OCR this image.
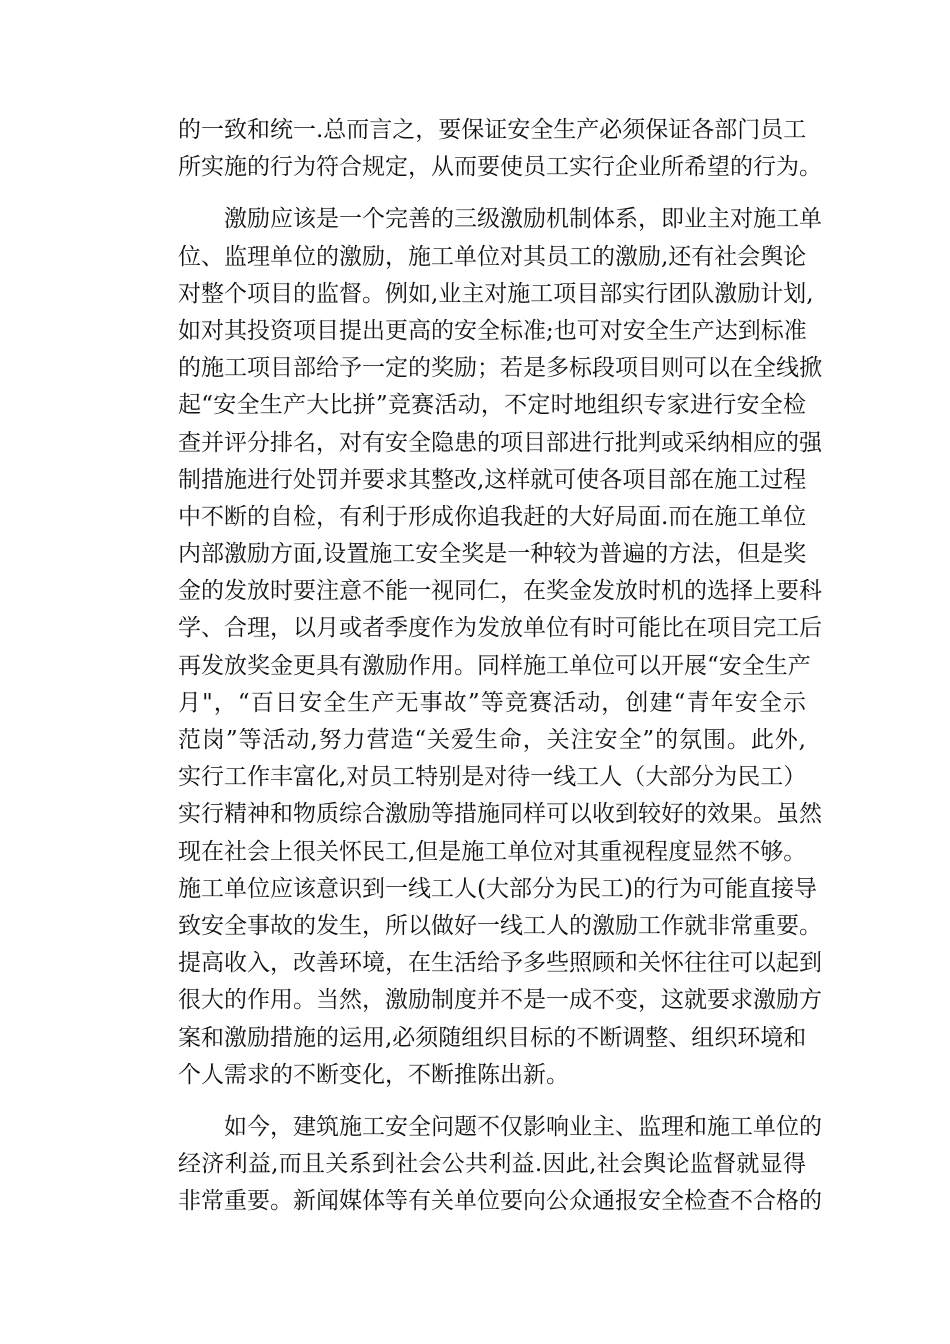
的一致和统一.总而言之，要保证安全生产必须保证各部门员工
所实施的行为符合规定，从而要使员工实行企业所希望的行为。
激励应该是一个完善的三级激励机制体系，即业主对施工单
位、监理单位的激励，施工单位对其员工的激励,还有社会舆论
对整个项目的监督。例如,业主对施工项目部实行团队激励计划,
如对其投资项目提出更高的安全标准;也可对安全生产达到标准
的施工项目部给予一定的奖励；若是多标段项目则可以在全线掀
起“安全生产大比拼”竞赛活动，不定时地组织专家进行安全检
查并评分排名，对有安全隐患的项目部进行批判或采纳相应的强
制措施进行处罚并要求其整改,这样就可使各项目部在施工过程
中不断的自检，有利于形成你追我赶的大好局面.而在施工单位
内部激励方面,设置施工安全奖是一种较为普遍的方法，但是奖
金的发放时要注意不能一视同仁，在奖金发放时机的选择上要科
学、合理，以月或者季度作为发放单位有时可能比在项目完工后
再发放奖金更具有激励作用。同样施工单位可以开展“安全生产
月"，“百日安全生产无事故”等竞赛活动，创建“青年安全示
范岗”等活动,努力营造“关爱生命，关注安全”的氛围。此外,
实行工作丰富化,对员工特别是对待一线工人（大部分为民工）
实行精神和物质综合激励等措施同样可以收到较好的效果。虽然
现在社会上很关怀民工,但是施工单位对其重视程度显然不够。
施工单位应该意识到一线工人(大部分为民工)的行为可能直接导
致安全事故的发生，所以做好一线工人的激励工作就非常重要。
提高收入，改善环境，在生活给予多些照顾和关怀往往可以起到
很大的作用。当然，激励制度并不是一成不变，这就要求激励方
案和激励措施的运用,必须随组织目标的不断调整、组织环境和
个人需求的不断变化，不断推陈出新。
如今，建筑施工安全问题不仅影响业主、监理和施工单位的
经济利益,而且关系到社会公共利益.因此,社会舆论监督就显得
非常重要。新闻媒体等有关单位要向公众通报安全检查不合格的
